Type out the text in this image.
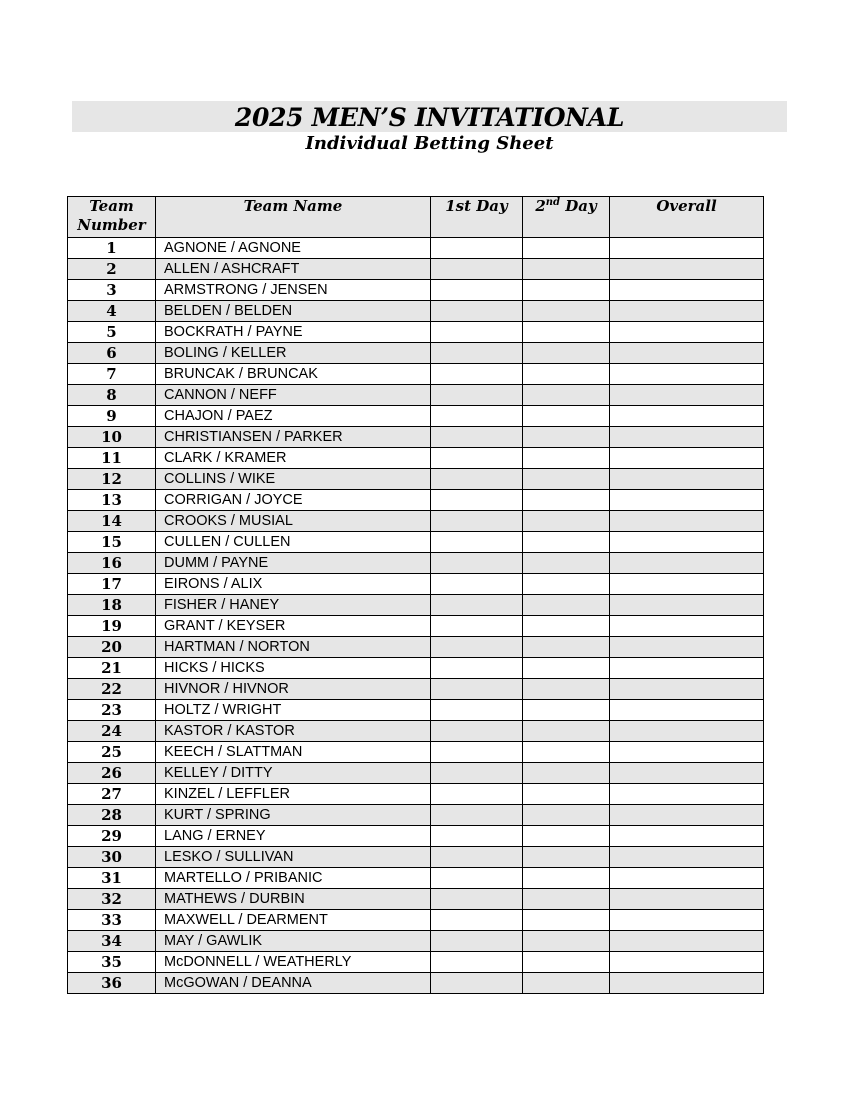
2025 MEN’S INVITATIONAL
Individual Betting Sheet
Team
Number	Team Name	1st Day	2nd Day	Overall
1	AGNONE / AGNONE			
2	ALLEN / ASHCRAFT			
3	ARMSTRONG / JENSEN			
4	BELDEN / BELDEN			
5	BOCKRATH / PAYNE			
6	BOLING / KELLER			
7	BRUNCAK / BRUNCAK			
8	CANNON / NEFF			
9	CHAJON / PAEZ			
10	CHRISTIANSEN / PARKER			
11	CLARK / KRAMER			
12	COLLINS / WIKE			
13	CORRIGAN / JOYCE			
14	CROOKS / MUSIAL			
15	CULLEN / CULLEN			
16	DUMM / PAYNE			
17	EIRONS / ALIX			
18	FISHER / HANEY			
19	GRANT / KEYSER			
20	HARTMAN / NORTON			
21	HICKS / HICKS			
22	HIVNOR / HIVNOR			
23	HOLTZ / WRIGHT			
24	KASTOR / KASTOR			
25	KEECH / SLATTMAN			
26	KELLEY / DITTY			
27	KINZEL / LEFFLER			
28	KURT / SPRING			
29	LANG / ERNEY			
30	LESKO / SULLIVAN			
31	MARTELLO / PRIBANIC			
32	MATHEWS / DURBIN			
33	MAXWELL / DEARMENT			
34	MAY / GAWLIK			
35	McDONNELL / WEATHERLY			
36	McGOWAN / DEANNA			
